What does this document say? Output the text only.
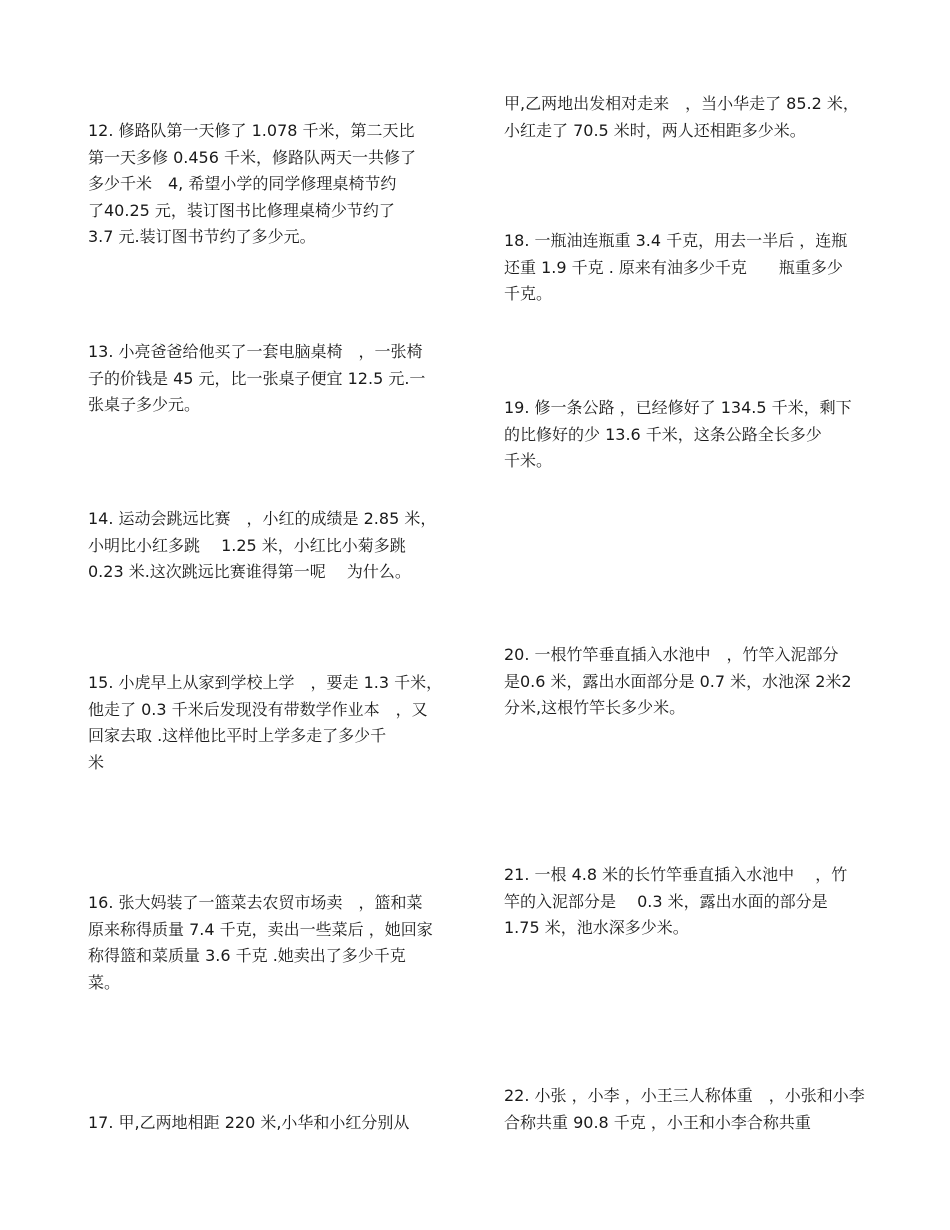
12. 修路队第一天修了 1.078 千米，第二天比
第一天多修 0.456 千米，修路队两天一共修了
多少千米　4, 希望小学的同学修理桌椅节约
了40.25 元，装订图书比修理桌椅少节约了
3.7 元.装订图书节约了多少元。
13. 小亮爸爸给他买了一套电脑桌椅　，一张椅
子的价钱是 45 元，比一张桌子便宜 12.5 元.一
张桌子多少元。
14. 运动会跳远比赛　，小红的成绩是 2.85 米，
小明比小红多跳　 1.25 米，小红比小菊多跳
0.23 米.这次跳远比赛谁得第一呢　 为什么。
15. 小虎早上从家到学校上学　，要走 1.3 千米，
他走了 0.3 千米后发现没有带数学作业本　，又
回家去取 .这样他比平时上学多走了多少千
米
16. 张大妈装了一篮菜去农贸市场卖　，篮和菜
原来称得质量 7.4 千克，卖出一些菜后 ，她回家
称得篮和菜质量 3.6 千克 .她卖出了多少千克
菜。
17. 甲,乙两地相距 220 米,小华和小红分别从
甲,乙两地出发相对走来　，当小华走了 85.2 米，
小红走了 70.5 米时，两人还相距多少米。
18. 一瓶油连瓶重 3.4 千克，用去一半后 ，连瓶
还重 1.9 千克 . 原来有油多少千克　　瓶重多少
千克。
19. 修一条公路 ，已经修好了 134.5 千米，剩下
的比修好的少 13.6 千米，这条公路全长多少
千米。
20. 一根竹竿垂直插入水池中　，竹竿入泥部分
是0.6 米，露出水面部分是 0.7 米，水池深 2米2
分米,这根竹竿长多少米。
21. 一根 4.8 米的长竹竿垂直插入水池中　 ，竹
竿的入泥部分是　 0.3 米，露出水面的部分是
1.75 米，池水深多少米。
22. 小张 ，小李 ，小王三人称体重　，小张和小李
合称共重 90.8 千克 ，小王和小李合称共重
